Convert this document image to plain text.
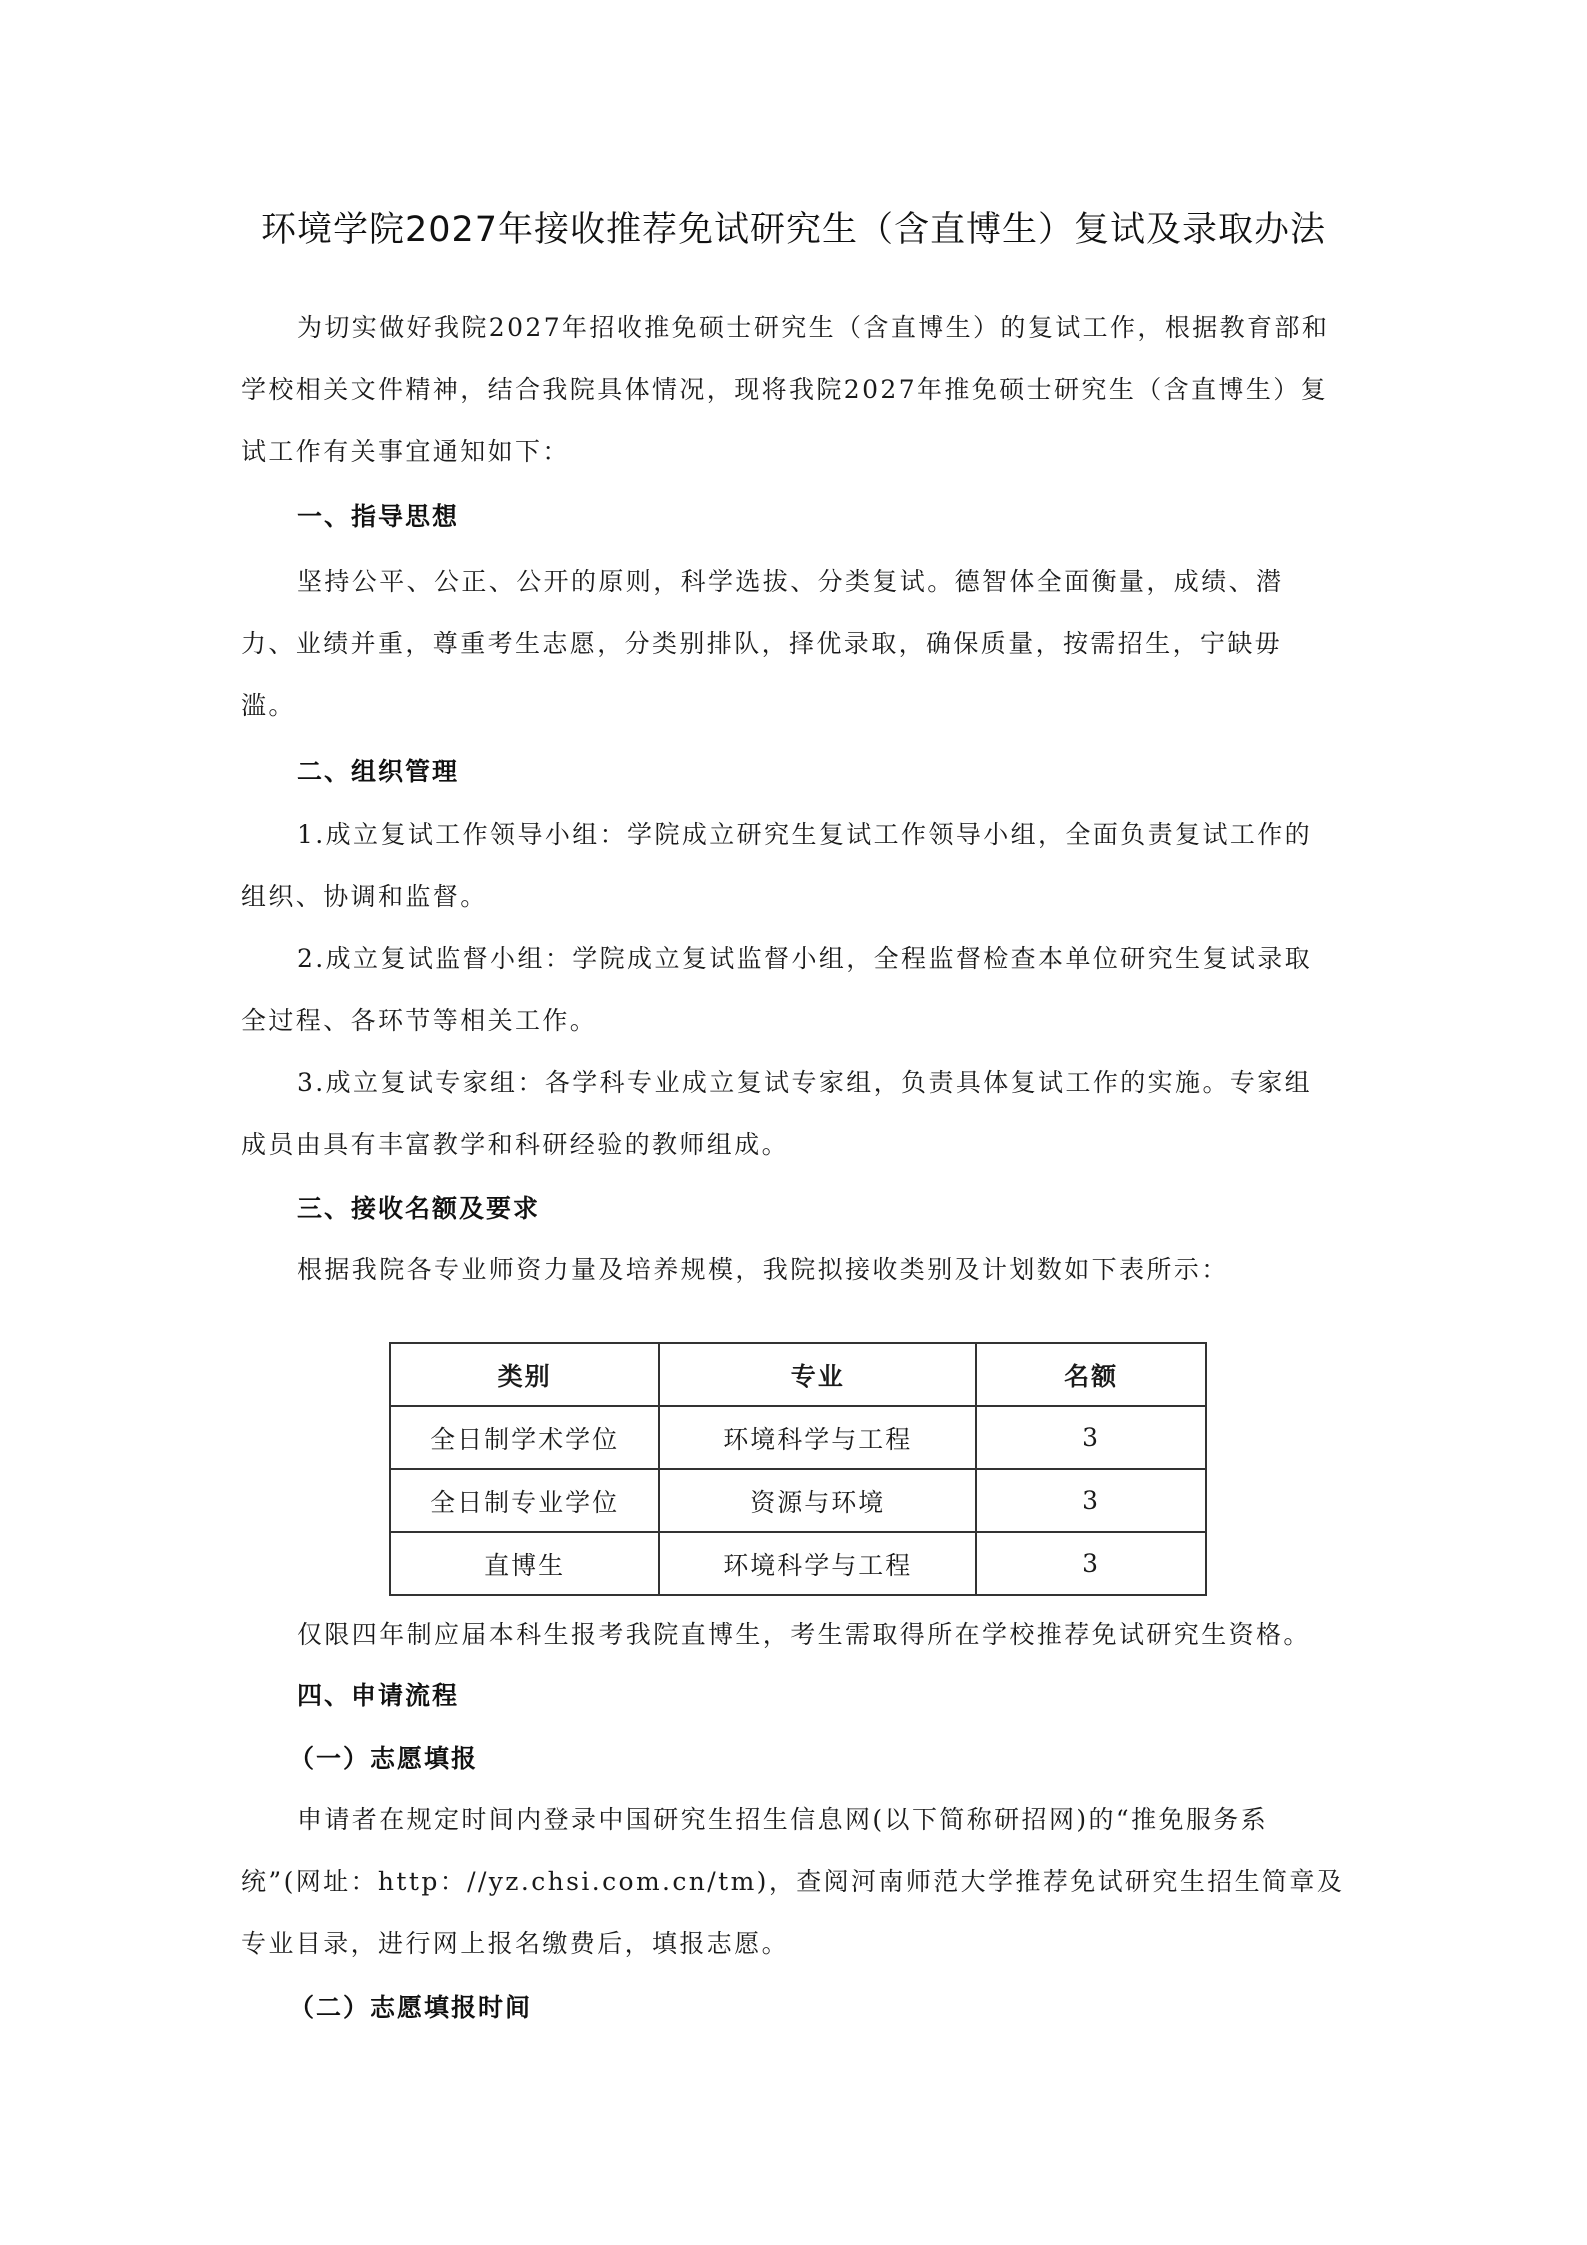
环境学院2027年接收推荐免试研究生（含直博生）复试及录取办法
为切实做好我院2027年招收推免硕士研究生（含直博生）的复试工作，根据教育部和
学校相关文件精神，结合我院具体情况，现将我院2027年推免硕士研究生（含直博生）复
试工作有关事宜通知如下：
一、指导思想
坚持公平、公正、公开的原则，科学选拔、分类复试。德智体全面衡量，成绩、潜
力、业绩并重，尊重考生志愿，分类别排队，择优录取，确保质量，按需招生，宁缺毋
滥。
二、组织管理
1.成立复试工作领导小组：学院成立研究生复试工作领导小组，全面负责复试工作的
组织、协调和监督。
2.成立复试监督小组：学院成立复试监督小组，全程监督检查本单位研究生复试录取
全过程、各环节等相关工作。
3.成立复试专家组：各学科专业成立复试专家组，负责具体复试工作的实施。专家组
成员由具有丰富教学和科研经验的教师组成。
三、接收名额及要求
根据我院各专业师资力量及培养规模，我院拟接收类别及计划数如下表所示：
类别	专业	名额
全日制学术学位	环境科学与工程	3
全日制专业学位	资源与环境	3
直博生	环境科学与工程	3
仅限四年制应届本科生报考我院直博生，考生需取得所在学校推荐免试研究生资格。
四、申请流程
（一）志愿填报
申请者在规定时间内登录中国研究生招生信息网(以下简称研招网)的“推免服务系
统”(网址：http：//yz.chsi.com.cn/tm)，查阅河南师范大学推荐免试研究生招生简章及
专业目录，进行网上报名缴费后，填报志愿。
（二）志愿填报时间
